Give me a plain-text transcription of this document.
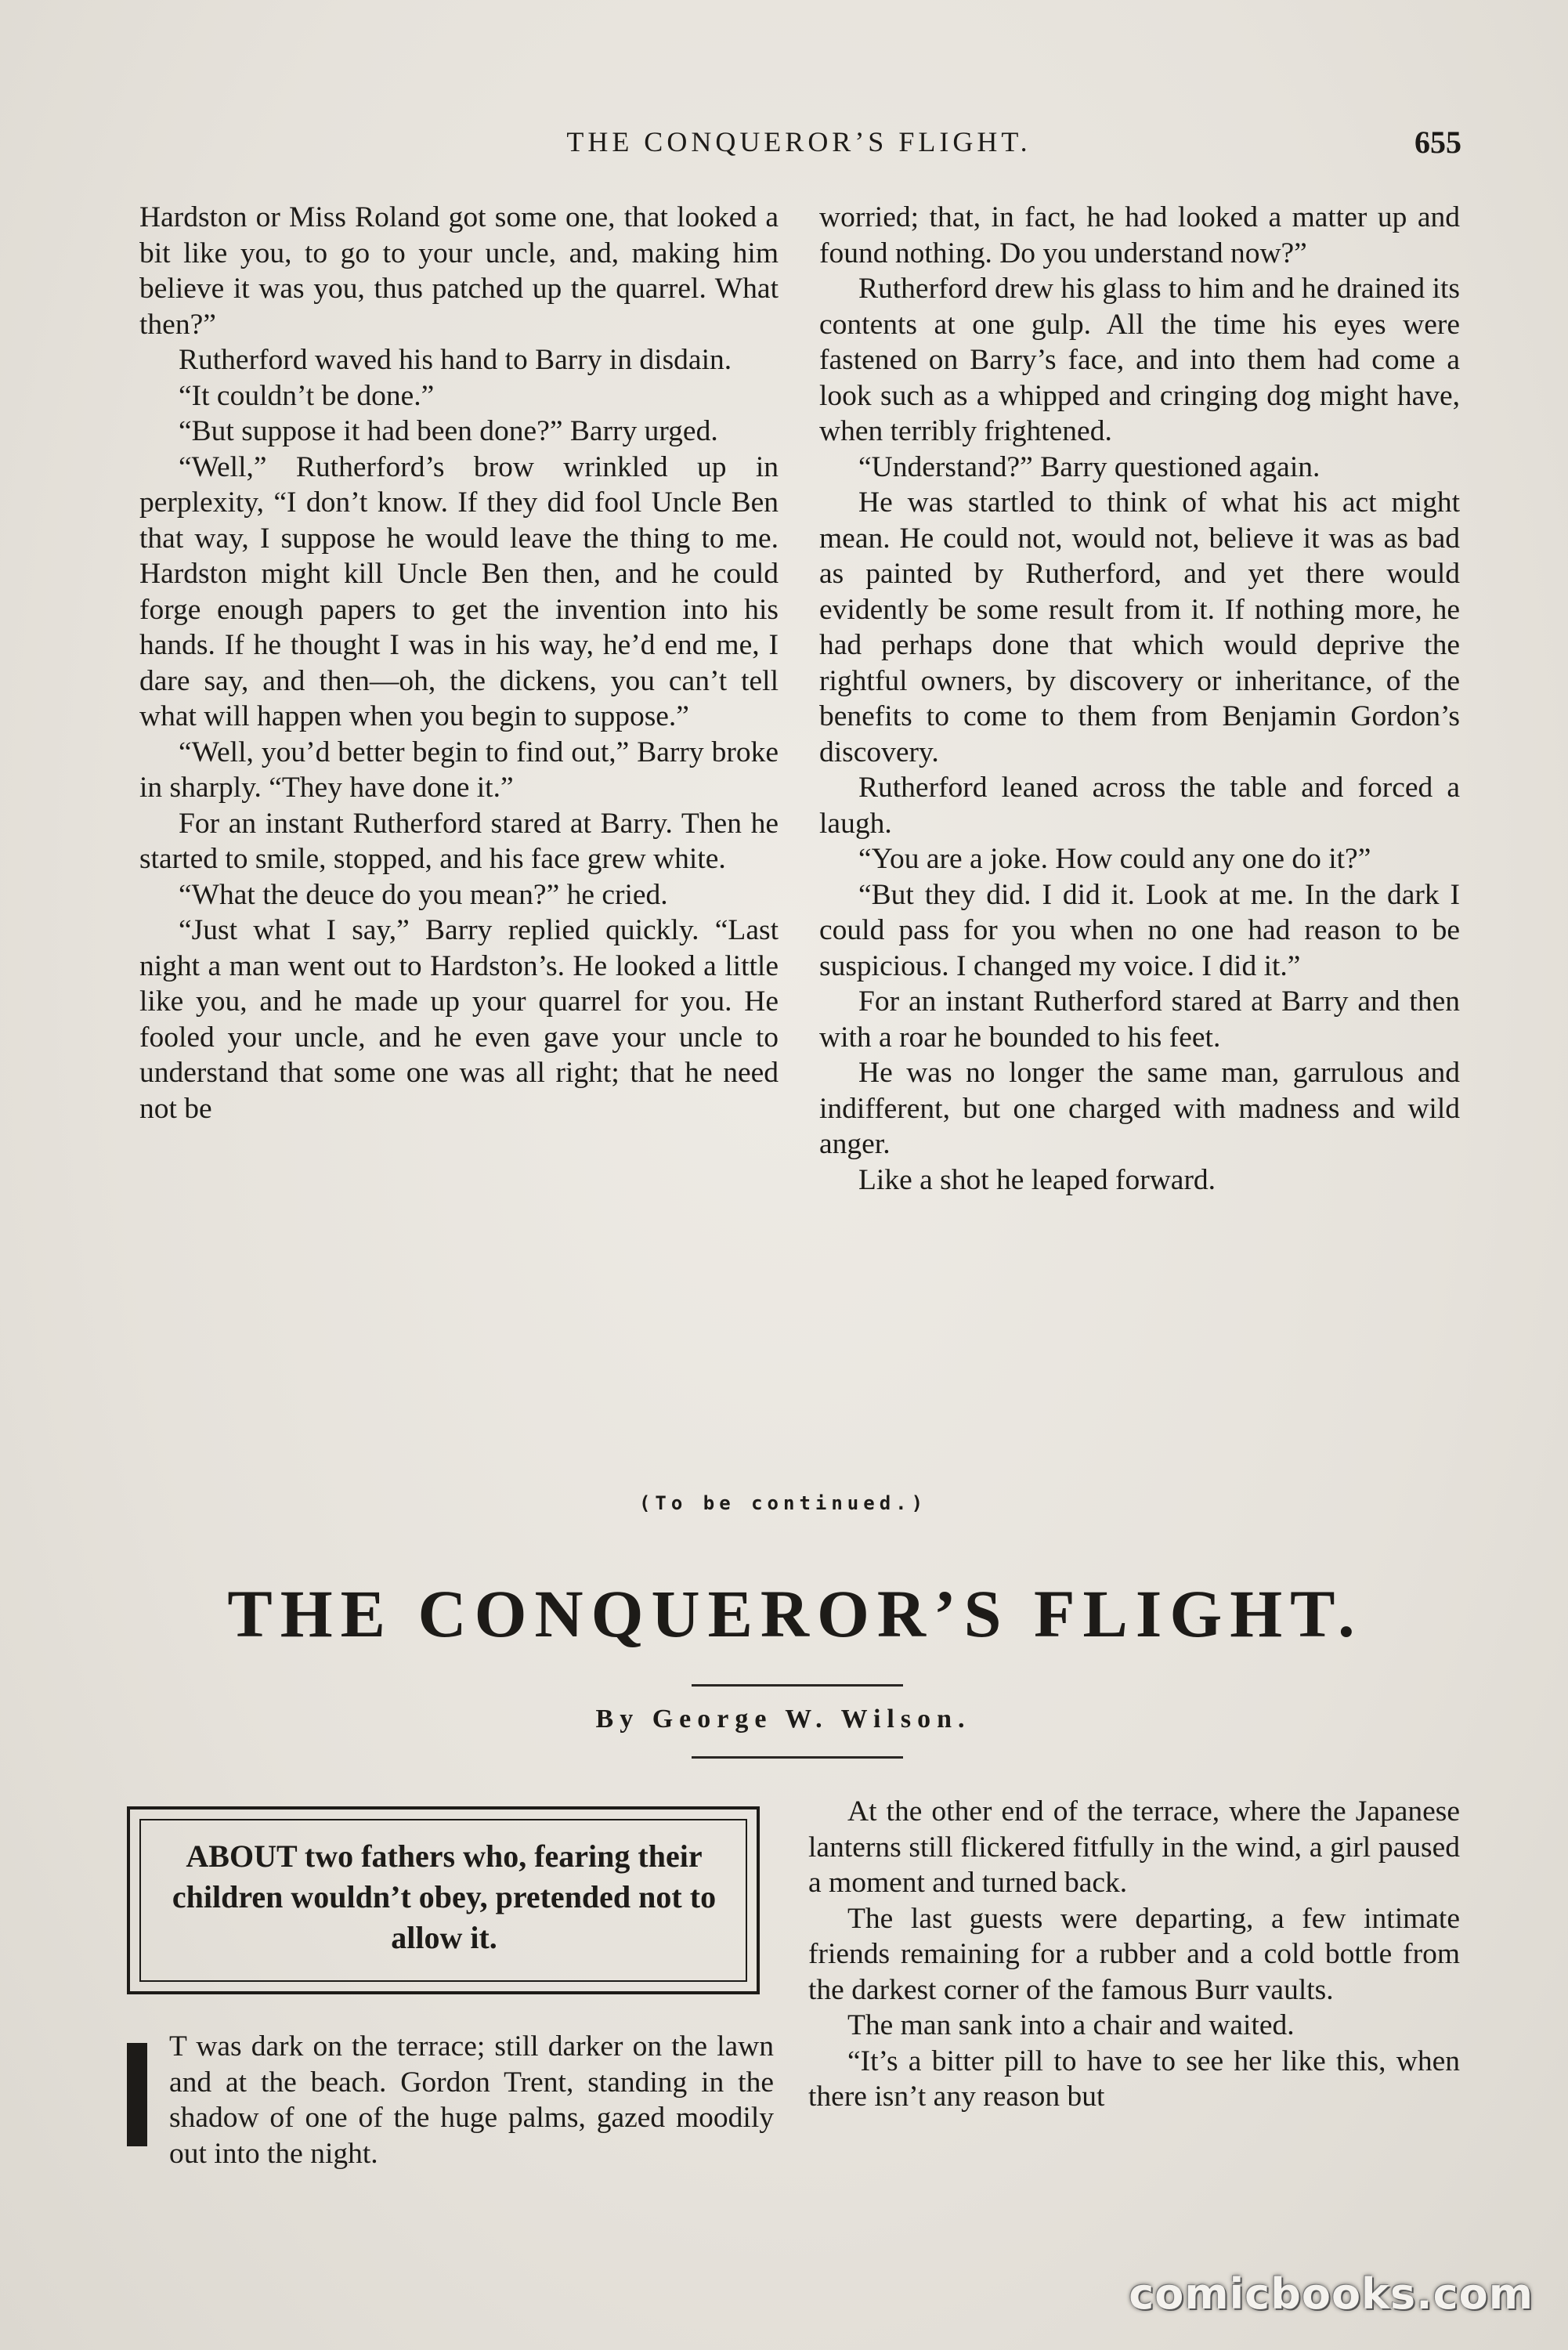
THE CONQUEROR’S FLIGHT.	655

Hardston or Miss Roland got some one, that looked a bit like you, to go to your uncle, and, making him believe it was you, thus patched up the quarrel. What then?”

Rutherford waved his hand to Barry in disdain.

“It couldn’t be done.”

“But suppose it had been done?” Barry urged.

“Well,” Rutherford’s brow wrinkled up in perplexity, “I don’t know. If they did fool Uncle Ben that way, I suppose he would leave the thing to me. Hardston might kill Uncle Ben then, and he could forge enough papers to get the invention into his hands. If he thought I was in his way, he’d end me, I dare say, and then—oh, the dickens, you can’t tell what will happen when you begin to suppose.”

“Well, you’d better begin to find out,” Barry broke in sharply. “They have done it.”

For an instant Rutherford stared at Barry. Then he started to smile, stopped, and his face grew white.

“What the deuce do you mean?” he cried.

“Just what I say,” Barry replied quickly. “Last night a man went out to Hardston’s. He looked a little like you, and he made up your quarrel for you. He fooled your uncle, and he even gave your uncle to understand that some one was all right; that he need not be

worried; that, in fact, he had looked a matter up and found nothing. Do you understand now?”

Rutherford drew his glass to him and he drained its contents at one gulp. All the time his eyes were fastened on Barry’s face, and into them had come a look such as a whipped and cringing dog might have, when terribly frightened.

“Understand?” Barry questioned again.

He was startled to think of what his act might mean. He could not, would not, believe it was as bad as painted by Rutherford, and yet there would evidently be some result from it. If nothing more, he had perhaps done that which would deprive the rightful owners, by discovery or inheritance, of the benefits to come to them from Benjamin Gordon’s discovery.

Rutherford leaned across the table and forced a laugh.

“You are a joke. How could any one do it?”

“But they did. I did it. Look at me. In the dark I could pass for you when no one had reason to be suspicious. I changed my voice. I did it.”

For an instant Rutherford stared at Barry and then with a roar he bounded to his feet.

He was no longer the same man, garrulous and indifferent, but one charged with madness and wild anger.

Like a shot he leaped forward.

(To be continued.)
THE CONQUEROR’S FLIGHT.
By George W. Wilson.
ABOUT two fathers who, fearing their children wouldn’t obey, pretended not to allow it.

T was dark on the terrace; still darker on the lawn and at the beach. Gordon Trent, standing in the shadow of one of the huge palms, gazed moodily out into the night.

At the other end of the terrace, where the Japanese lanterns still flickered fitfully in the wind, a girl paused a moment and turned back.

The last guests were departing, a few intimate friends remaining for a rubber and a cold bottle from the darkest corner of the famous Burr vaults.

The man sank into a chair and waited.

“It’s a bitter pill to have to see her like this, when there isn’t any reason but

comicbooks.com
